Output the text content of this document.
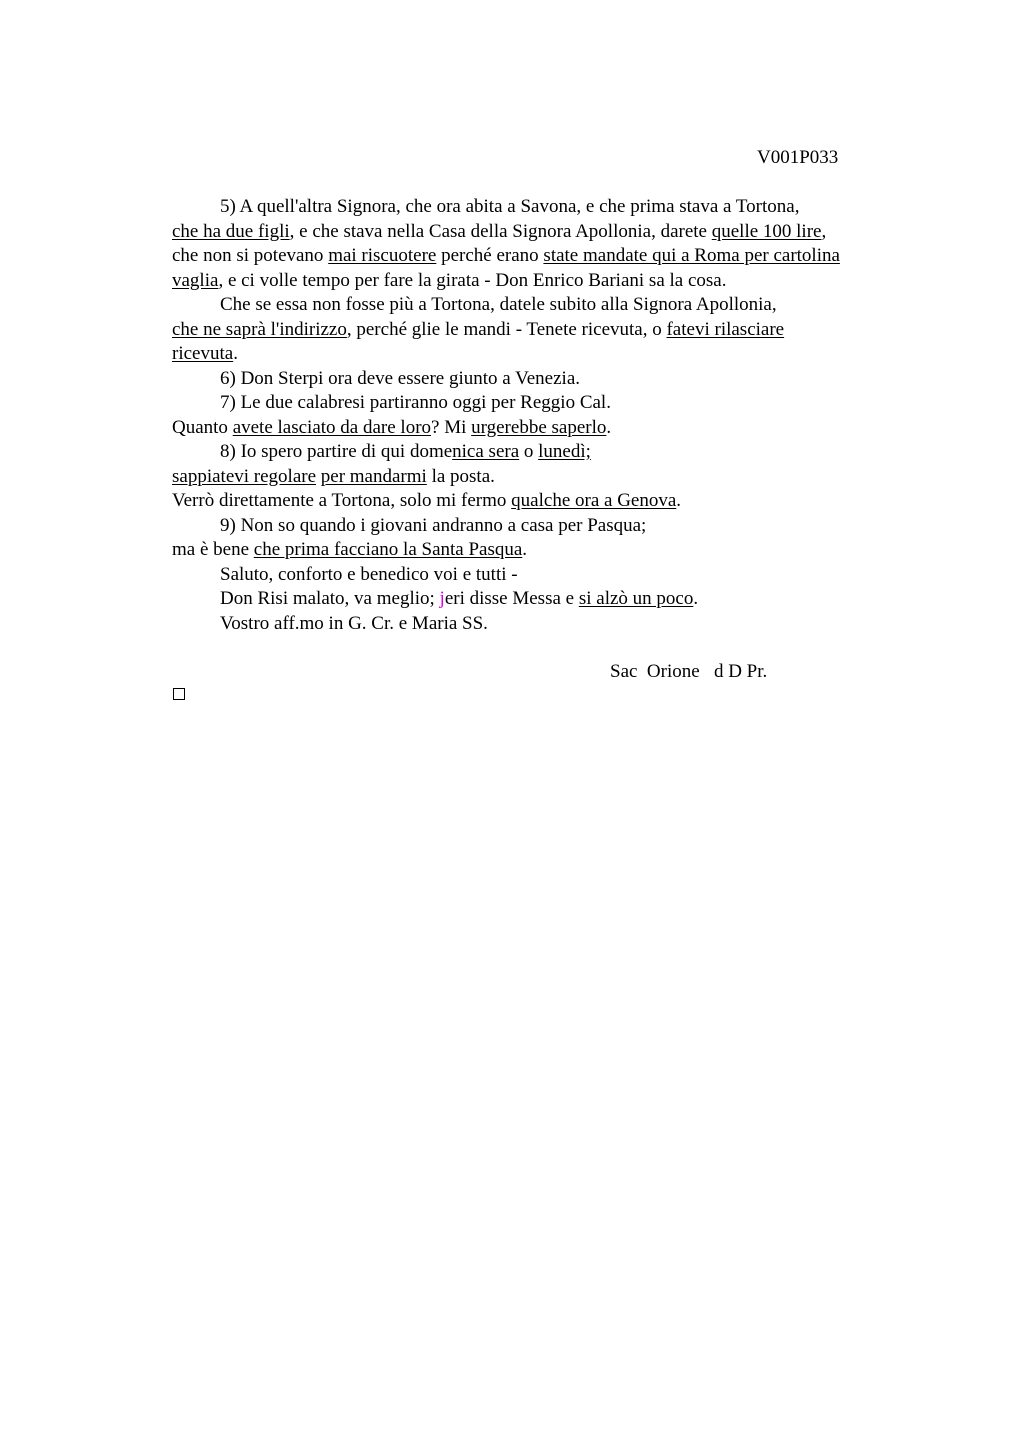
V001P033
5) A quell'altra Signora, che ora abita a Savona, e che prima stava a Tortona,
che ha due figli, e che stava nella Casa della Signora Apollonia, darete quelle 100 lire,
che non si potevano mai riscuotere perché erano state mandate qui a Roma per cartolina
vaglia, e ci volle tempo per fare la girata - Don Enrico Bariani sa la cosa.
Che se essa non fosse più a Tortona, datele subito alla Signora Apollonia,
che ne saprà l'indirizzo, perché glie le mandi - Tenete ricevuta, o fatevi rilasciare
ricevuta.
6) Don Sterpi ora deve essere giunto a Venezia.
7) Le due calabresi partiranno oggi per Reggio Cal.
Quanto avete lasciato da dare loro? Mi urgerebbe saperlo.
8) Io spero partire di qui domenica sera o lunedì;
sappiatevi regolare per mandarmi la posta.
Verrò direttamente a Tortona, solo mi fermo qualche ora a Genova.
9) Non so quando i giovani andranno a casa per Pasqua;
ma è bene che prima facciano la Santa Pasqua.
Saluto, conforto e benedico voi e tutti -
Don Risi malato, va meglio; jeri disse Messa e si alzò un poco.
Vostro aff.mo in G. Cr. e Maria SS.
Sac  Orione   d D Pr.
